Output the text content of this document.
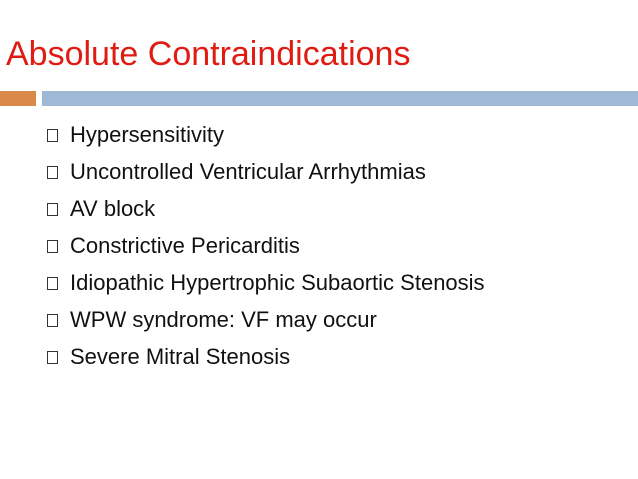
Absolute Contraindications
Hypersensitivity
Uncontrolled Ventricular Arrhythmias
AV block
Constrictive Pericarditis
Idiopathic Hypertrophic Subaortic Stenosis
WPW syndrome: VF may occur
Severe Mitral Stenosis
